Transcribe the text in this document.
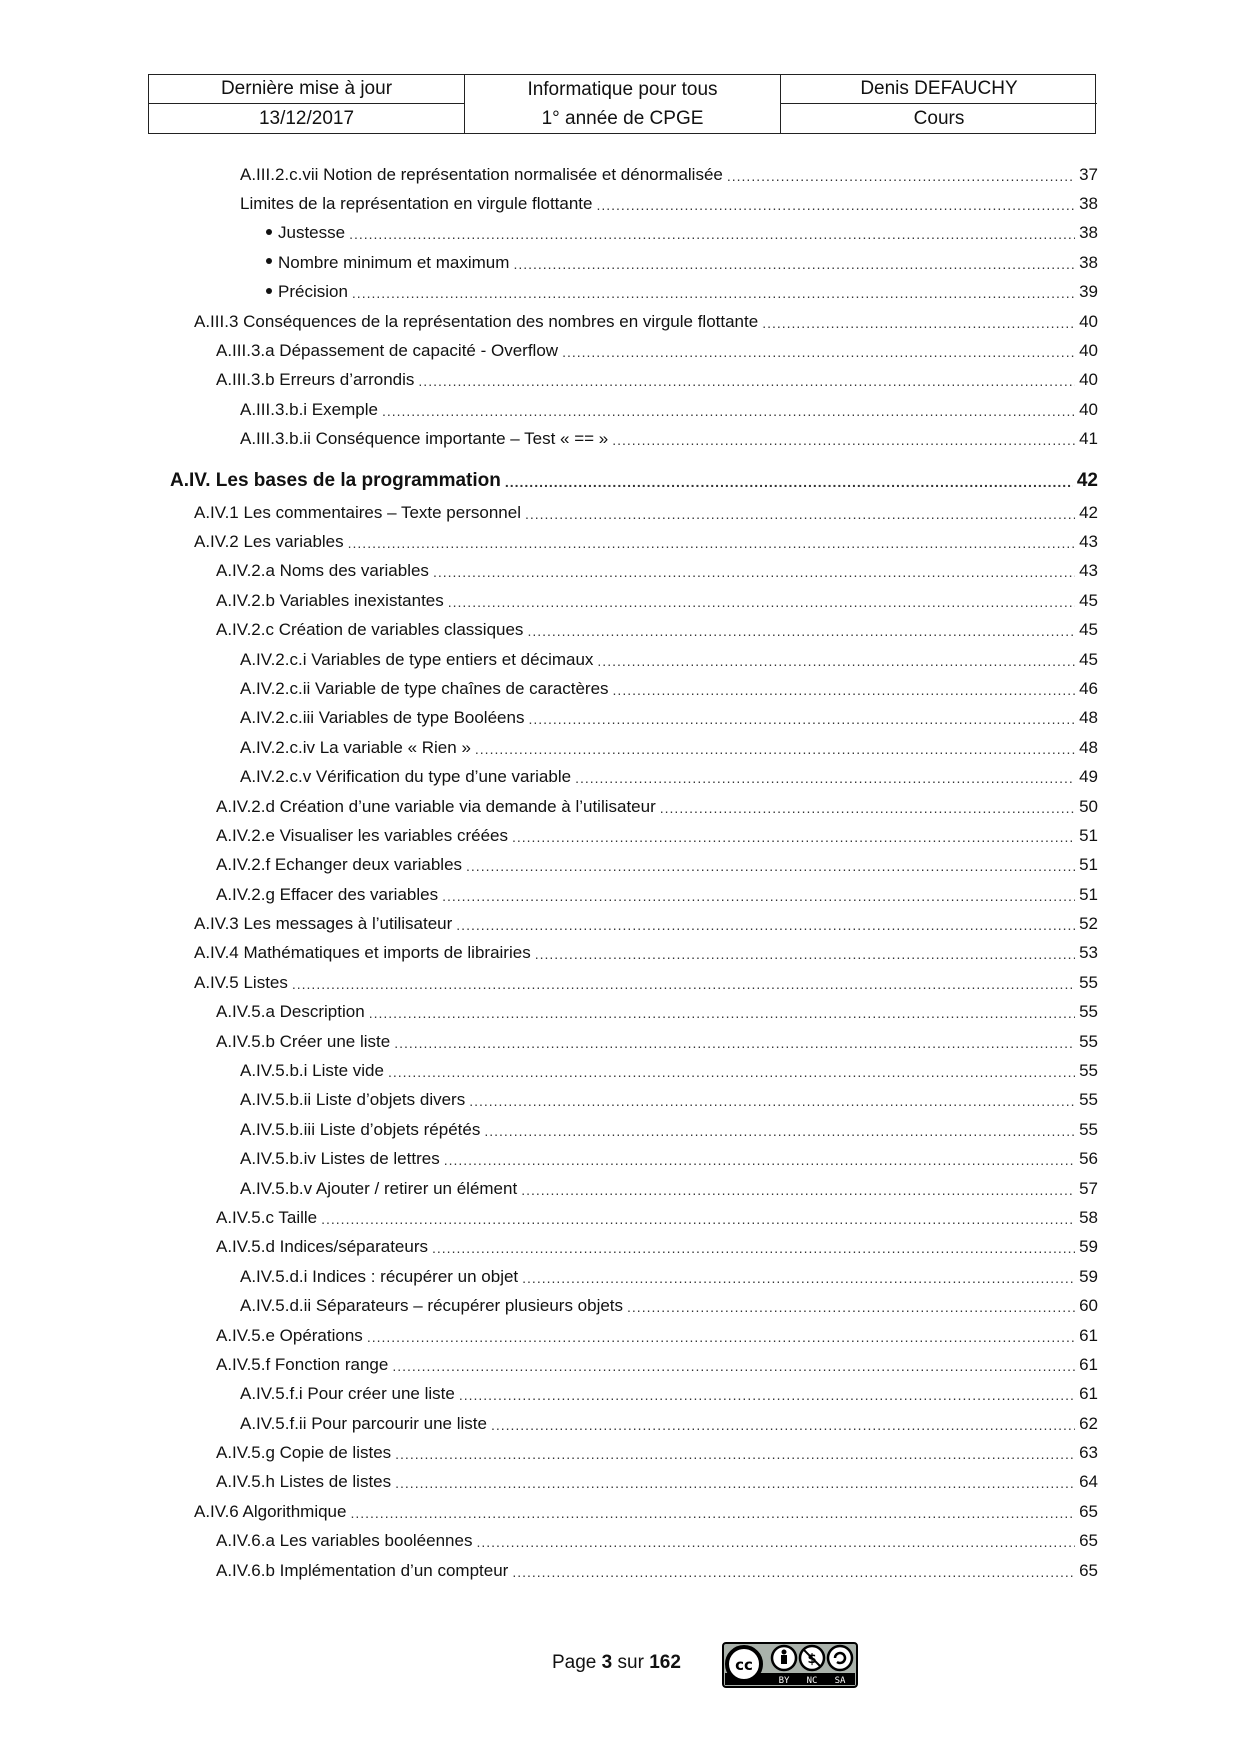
Dernière mise à jour	Informatique pour tous	Denis DEFAUCHY
13/12/2017	1° année de CPGE	Cours
A.III.2.c.vii Notion de représentation normalisée et dénormalisée .....	37
Limites de la représentation en virgule flottante .....	38
Justesse .....	38
Nombre minimum et maximum .....	38
Précision .....	39
A.III.3 Conséquences de la représentation des nombres en virgule flottante .....	40
A.III.3.a Dépassement de capacité - Overflow .....	40
A.III.3.b Erreurs d’arrondis .....	40
A.III.3.b.i Exemple .....	40
A.III.3.b.ii Conséquence importante – Test « == » .....	41
A.IV. Les bases de la programmation .....	42
A.IV.1 Les commentaires – Texte personnel .....	42
A.IV.2 Les variables .....	43
A.IV.2.a Noms des variables .....	43
A.IV.2.b Variables inexistantes .....	45
A.IV.2.c Création de variables classiques .....	45
A.IV.2.c.i Variables de type entiers et décimaux .....	45
A.IV.2.c.ii Variable de type chaînes de caractères .....	46
A.IV.2.c.iii Variables de type Booléens .....	48
A.IV.2.c.iv La variable « Rien » .....	48
A.IV.2.c.v Vérification du type d’une variable .....	49
A.IV.2.d Création d’une variable via demande à l’utilisateur .....	50
A.IV.2.e Visualiser les variables créées .....	51
A.IV.2.f Echanger deux variables .....	51
A.IV.2.g Effacer des variables .....	51
A.IV.3 Les messages à l’utilisateur .....	52
A.IV.4 Mathématiques et imports de librairies .....	53
A.IV.5 Listes .....	55
A.IV.5.a Description .....	55
A.IV.5.b Créer une liste .....	55
A.IV.5.b.i Liste vide .....	55
A.IV.5.b.ii Liste d’objets divers .....	55
A.IV.5.b.iii Liste d’objets répétés .....	55
A.IV.5.b.iv Listes de lettres .....	56
A.IV.5.b.v Ajouter / retirer un élément .....	57
A.IV.5.c Taille .....	58
A.IV.5.d Indices/séparateurs .....	59
A.IV.5.d.i Indices : récupérer un objet .....	59
A.IV.5.d.ii Séparateurs – récupérer plusieurs objets .....	60
A.IV.5.e Opérations .....	61
A.IV.5.f Fonction range .....	61
A.IV.5.f.i Pour créer une liste .....	61
A.IV.5.f.ii Pour parcourir une liste .....	62
A.IV.5.g Copie de listes .....	63
A.IV.5.h Listes de listes .....	64
A.IV.6 Algorithmique .....	65
A.IV.6.a Les variables booléennes .....	65
A.IV.6.b Implémentation d’un compteur .....	65
Page 3 sur 162	cc	$
BY NC SA
